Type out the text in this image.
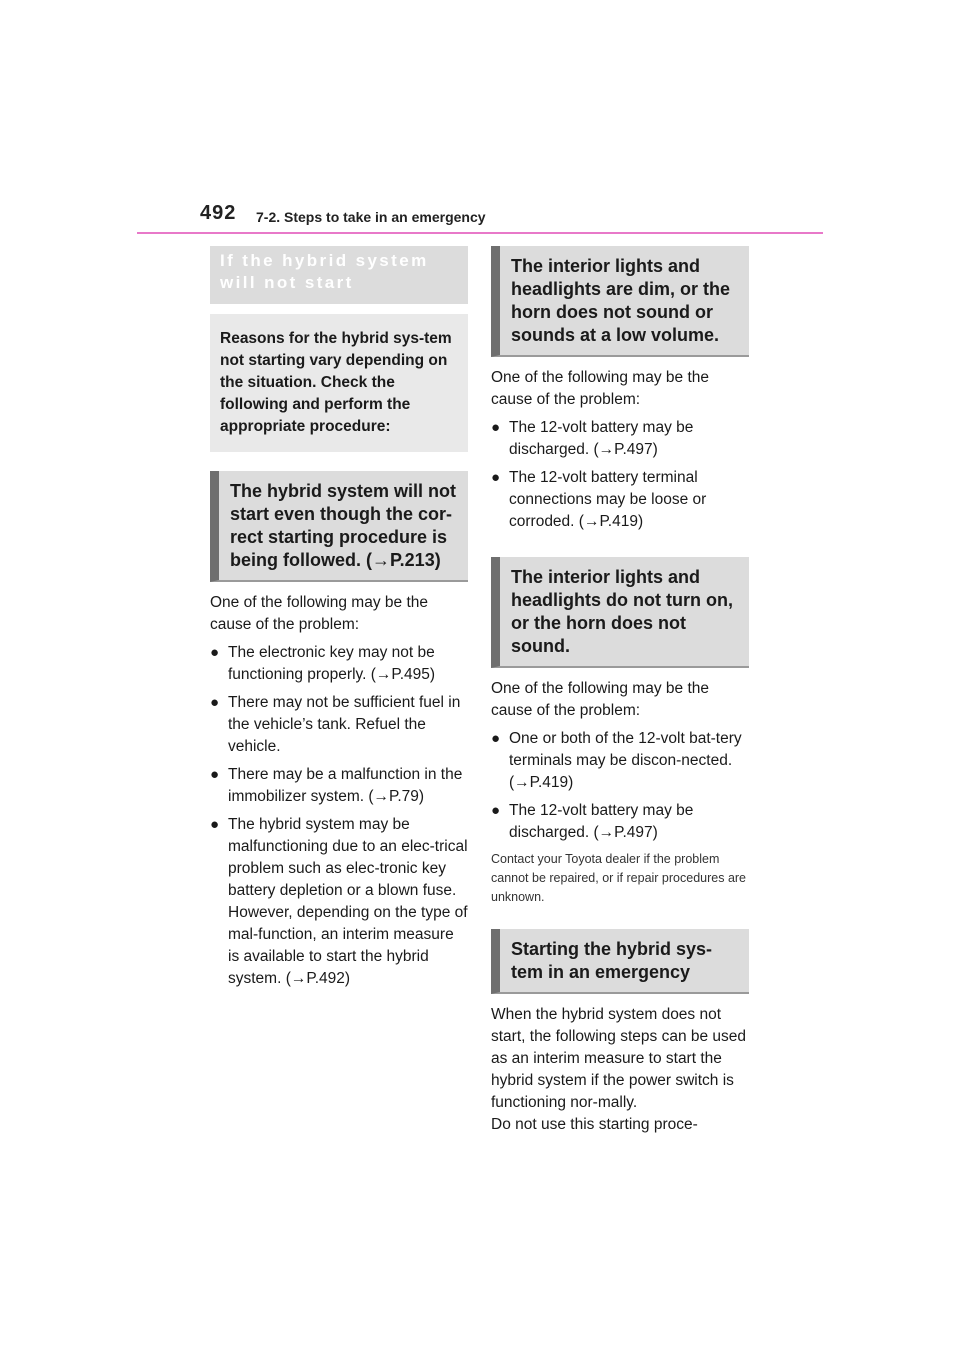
492 7-2. Steps to take in an emergency
If the hybrid system will not start
Reasons for the hybrid sys-tem not starting vary depending on the situation. Check the following and perform the appropriate procedure:
The hybrid system will not start even though the cor-rect starting procedure is being followed. (→P.213)

One of the following may be the cause of the problem:

● The electronic key may not be functioning properly. (→P.495)
● There may not be sufficient fuel in the vehicle’s tank. Refuel the vehicle.
● There may be a malfunction in the immobilizer system. (→P.79)
● The hybrid system may be malfunctioning due to an elec-trical problem such as elec-tronic key battery depletion or a blown fuse. However, depending on the type of mal-function, an interim measure is available to start the hybrid system. (→P.492)
The interior lights and headlights are dim, or the horn does not sound or sounds at a low volume.

One of the following may be the cause of the problem:

● The 12-volt battery may be discharged. (→P.497)
● The 12-volt battery terminal connections may be loose or corroded. (→P.419)
The interior lights and headlights do not turn on, or the horn does not sound.

One of the following may be the cause of the problem:

● One or both of the 12-volt bat-tery terminals may be discon-nected. (→P.419)
● The 12-volt battery may be discharged. (→P.497)

Contact your Toyota dealer if the problem cannot be repaired, or if repair procedures are unknown.

Starting the hybrid sys-tem in an emergency

When the hybrid system does not start, the following steps can be used as an interim measure to start the hybrid system if the power switch is functioning nor-mally.

Do not use this starting proce-
